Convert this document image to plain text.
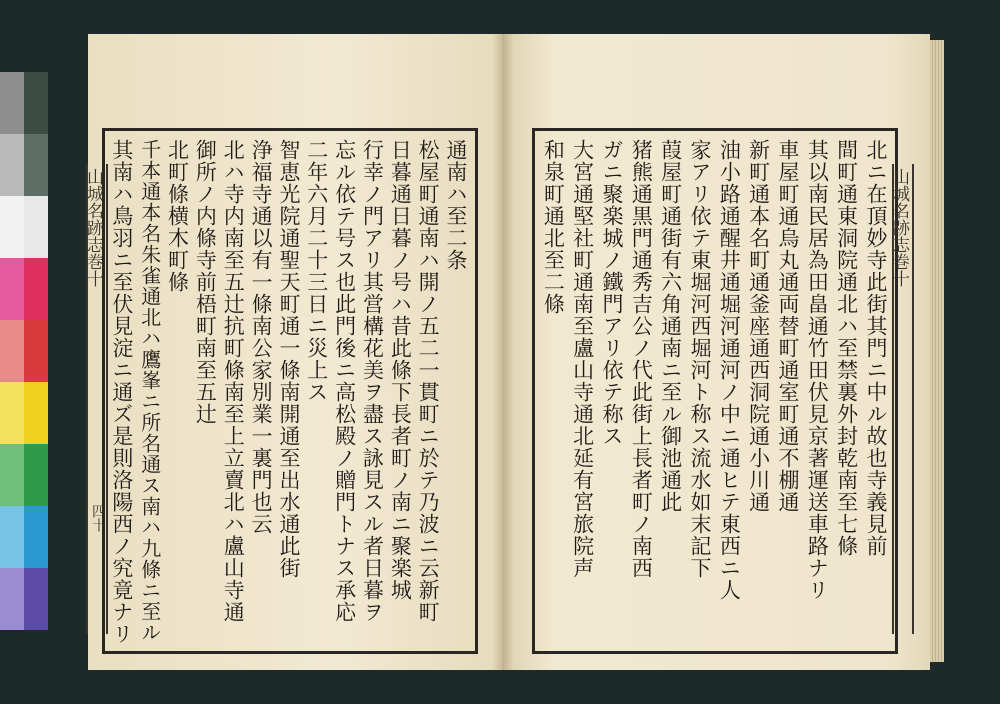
山城名跡志巻十
四十
通南ハ至二条
松屋町通南ハ開ノ五二一貫町ニ於テ乃波ニ云新町
日暮通日暮ノ号ハ昔此條下長者町ノ南ニ聚楽城
行幸ノ門アリ其営構花美ヲ盡ス詠見スル者日暮ヲ
忘ル依テ号ス也此門後ニ高松殿ノ贈門トナス承応
二年六月二十三日ニ災上ス
智恵光院通聖天町通一條南開通至出水通此街
浄福寺通以有一條南公家別業一裏門也云
北ハ寺内南至五辻抗町條南至上立賣北ハ盧山寺通
御所ノ内條寺前梧町南至五辻
北町條横木町條
千本通本名朱雀通北ハ鷹峯ニ所名通ス南ハ九條ニ至ル
其南ハ鳥羽ニ至伏見淀ニ通ズ是則洛陽西ノ究竟ナリ	北ニ在頂妙寺此街其門ニ中ル故也寺義見前
間町通東洞院通北ハ至禁裏外封乾南至七條
其以南民居為田畠通竹田伏見京著運送車路ナリ
車屋町通烏丸通両替町通室町通不棚通
新町通本名町通釜座通西洞院通小川通
油小路通醒井通堀河通河ノ中ニ通ヒテ東西ニ人
家アリ依テ東堀河西堀河ト称ス流水如末記下
葭屋町通街有六角通南ニ至ル御池通此
猪熊通黒門通秀吉公ノ代此街上長者町ノ南西
ガニ聚楽城ノ鐵門アリ依テ称ス
大宮通堅社町通南至盧山寺通北延有宮旅院声
和泉町通北至二條	山城名跡志巻十
